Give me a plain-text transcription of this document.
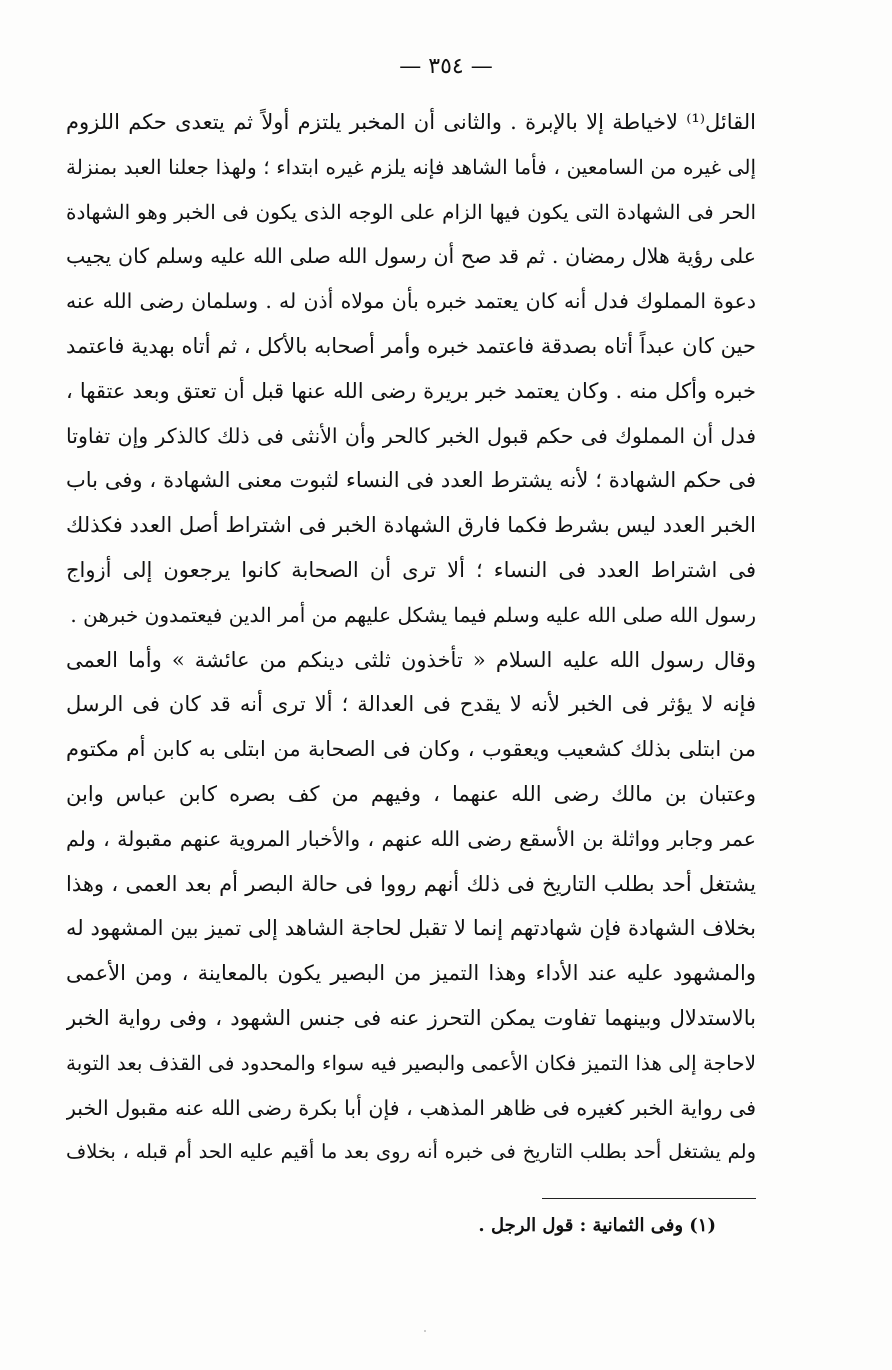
— ٣٥٤ —
القائل⁽¹⁾ لاخياطة إلا بالإبرة . والثانى أن المخبر يلتزم أولاً ثم يتعدى حكم اللزوم
إلى غيره من السامعين ، فأما الشاهد فإنه يلزم غيره ابتداء ؛ ولهذا جعلنا العبد بمنزلة
الحر فى الشهادة التى يكون فيها الزام على الوجه الذى يكون فى الخبر وهو الشهادة
على رؤية هلال رمضان . ثم قد صح أن رسول الله صلى الله عليه وسلم كان يجيب
دعوة المملوك فدل أنه كان يعتمد خبره بأن مولاه أذن له . وسلمان رضى الله عنه
حين كان عبداً أتاه بصدقة فاعتمد خبره وأمر أصحابه بالأكل ، ثم أتاه بهدية فاعتمد
خبره وأكل منه . وكان يعتمد خبر بريرة رضى الله عنها قبل أن تعتق وبعد عتقها ،
فدل أن المملوك فى حكم قبول الخبر كالحر وأن الأنثى فى ذلك كالذكر وإن تفاوتا
فى حكم الشهادة ؛ لأنه يشترط العدد فى النساء لثبوت معنى الشهادة ، وفى باب
الخبر العدد ليس بشرط فكما فارق الشهادة الخبر فى اشتراط أصل العدد فكذلك
فى اشتراط العدد فى النساء ؛ ألا ترى أن الصحابة كانوا يرجعون إلى أزواج
رسول الله صلى الله عليه وسلم فيما يشكل عليهم من أمر الدين فيعتمدون خبرهن .
وقال رسول الله عليه السلام « تأخذون ثلثى دينكم من عائشة » وأما العمى
فإنه لا يؤثر فى الخبر لأنه لا يقدح فى العدالة ؛ ألا ترى أنه قد كان فى الرسل
من ابتلى بذلك كشعيب ويعقوب ، وكان فى الصحابة من ابتلى به كابن أم مكتوم
وعتبان بن مالك رضى الله عنهما ، وفيهم من كف بصره كابن عباس وابن
عمر وجابر وواثلة بن الأسقع رضى الله عنهم ، والأخبار المروية عنهم مقبولة ، ولم
يشتغل أحد بطلب التاريخ فى ذلك أنهم رووا فى حالة البصر أم بعد العمى ، وهذا
بخلاف الشهادة فإن شهادتهم إنما لا تقبل لحاجة الشاهد إلى تميز بين المشهود له
والمشهود عليه عند الأداء وهذا التميز من البصير يكون بالمعاينة ، ومن الأعمى
بالاستدلال وبينهما تفاوت يمكن التحرز عنه فى جنس الشهود ، وفى رواية الخبر
لاحاجة إلى هذا التميز فكان الأعمى والبصير فيه سواء والمحدود فى القذف بعد التوبة
فى رواية الخبر كغيره فى ظاهر المذهب ، فإن أبا بكرة رضى الله عنه مقبول الخبر
ولم يشتغل أحد بطلب التاريخ فى خبره أنه روى بعد ما أقيم عليه الحد أم قبله ، بخلاف
(١) وفى الثمانية : قول الرجل .
